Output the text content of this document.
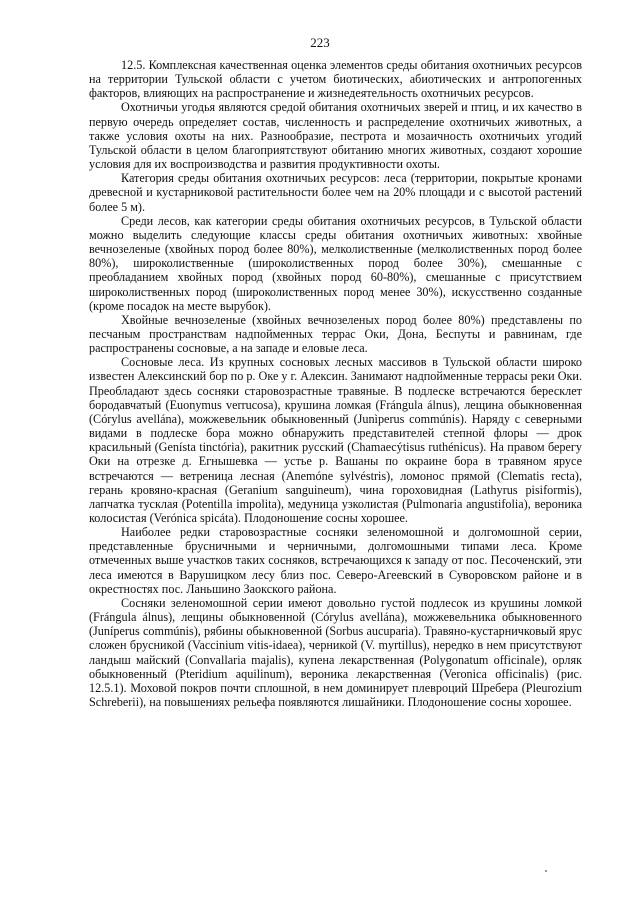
223

12.5. Комплексная качественная оценка элементов среды обитания охотничьих ресурсов на территории Тульской области с учетом биотических, абиотических и антропогенных факторов, влияющих на распространение и жизнедеятельность охотничьих ресурсов.

Охотничьи угодья являются средой обитания охотничьих зверей и птиц, и их качество в первую очередь определяет состав, численность и распределение охотничьих животных, а также условия охоты на них. Разнообразие, пестрота и мозаичность охотничьих угодий Тульской области в целом благоприятствуют обитанию многих животных, создают хорошие условия для их воспроизводства и развития продуктивности охоты.

Категория среды обитания охотничьих ресурсов: леса (территории, покрытые кронами древесной и кустарниковой растительности более чем на 20% площади и с высотой растений более 5 м).

Среди лесов, как категории среды обитания охотничьих ресурсов, в Тульской области можно выделить следующие классы среды обитания охотничьих животных: хвойные вечнозеленые (хвойных пород более 80%), мелколиственные (мелколиственных пород более 80%), широколиственные (широколиственных пород более 30%), смешанные с преобладанием хвойных пород (хвойных пород 60-80%), смешанные с присутствием широколиственных пород (широколиственных пород менее 30%), искусственно созданные (кроме посадок на месте вырубок).

Хвойные вечнозеленые (хвойных вечнозеленых пород более 80%) представлены по песчаным пространствам надпойменных террас Оки, Дона, Беспуты и равнинам, где распространены сосновые, а на западе и еловые леса.

Сосновые леса. Из крупных сосновых лесных массивов в Тульской области широко известен Алексинский бор по р. Оке у г. Алексин. Занимают надпойменные террасы реки Оки. Преобладают здесь сосняки старовозрастные травяные. В подлеске встречаются бересклет бородавчатый (Euonymus verrucosa), крушина ломкая (Frángula álnus), лещина обыкновенная (Córylus avellána), можжевельник обыкновенный (Junìperus commúnis). Наряду с северными видами в подлеске бора можно обнаружить представителей степной флоры — дрок красильный (Genísta tinctória), ракитник русский (Chamaecýtisus ruthénicus). На правом берегу Оки на отрезке д. Егнышевка — устье р. Вашаны по окраине бора в травяном ярусе встречаются — ветреница лесная (Anemóne sylvéstris), ломонос прямой (Clematis recta), герань кровяно-красная (Geranium sanguineum), чина гороховидная (Lathyrus pisiformis), лапчатка тусклая (Potentilla impolita), медуница узколистая (Pulmonaria angustifolia), вероника колосистая (Verónica spicáta). Плодоношение сосны хорошее.

Наиболее редки старовозрастные сосняки зеленомошной и долгомошной серии, представленные брусничными и черничными, долгомошными типами леса. Кроме отмеченных выше участков таких сосняков, встречающихся к западу от пос. Песоченский, эти леса имеются в Варушицком лесу близ пос. Северо-Агеевский в Суворовском районе и в окрестностях пос. Ланьшино Заокского района.

Сосняки зеленомошной серии имеют довольно густой подлесок из крушины ломкой (Frángula álnus), лещины обыкновенной (Córylus avellána), можжевельника обыкновенного (Juníperus commúnis), рябины обыкновенной (Sorbus aucuparia). Травяно-кустарничковый ярус сложен брусникой (Vaccinium vitis-idaea), черникой (V. myrtillus), нередко в нем присутствуют ландыш майский (Convallaria majalis), купена лекарственная (Polygonatum officinale), орляк обыкновенный (Pteridium aquilinum), вероника лекарственная (Veronica officinalis) (рис. 12.5.1). Моховой покров почти сплошной, в нем доминирует плевроций Шребера (Pleurozium Schreberii), на повышениях рельефа появляются лишайники. Плодоношение сосны хорошее.
